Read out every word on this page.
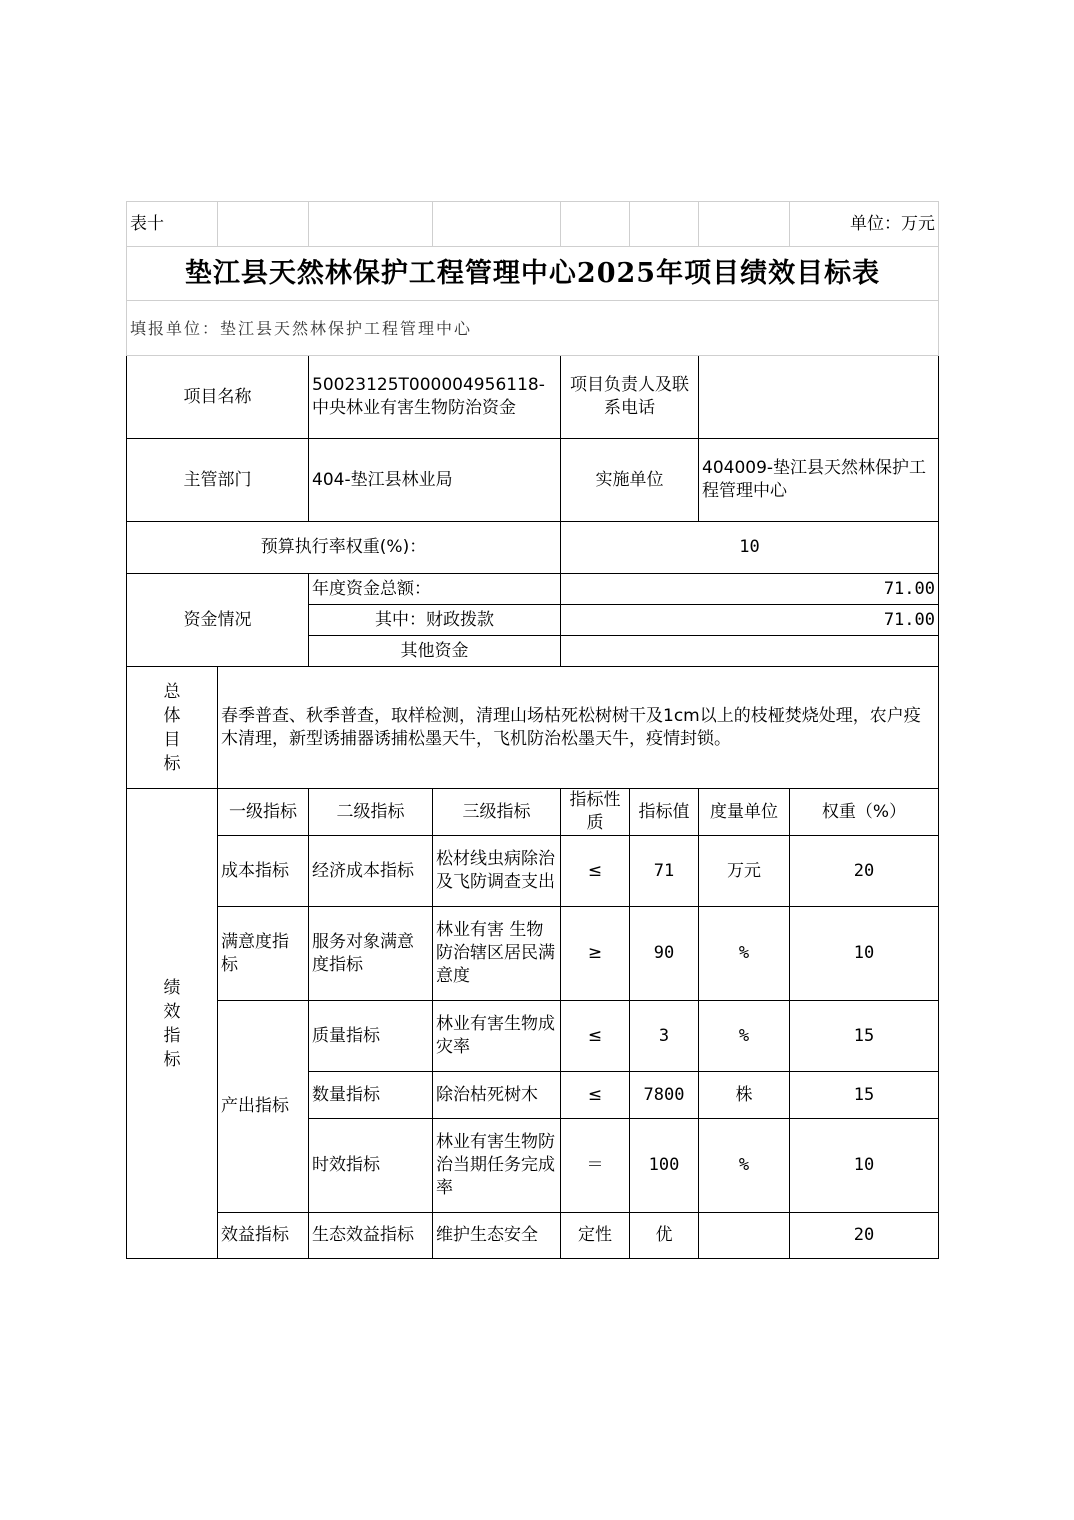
表十							单位：万元
垫江县天然林保护工程管理中心2025年项目绩效目标表							
填报单位：垫江县天然林保护工程管理中心							
项目名称		50023125T000004956118-中央林业有害生物防治资金		项目负责人及联系电话			
主管部门		404-垫江县林业局		实施单位		404009-垫江县天然林保护工程管理中心	
预算执行率权重(%)：				10			
资金情况		年度资金总额：		71.00			
		其中：财政拨款		71.00			
		其他资金					

总体目标	春季普查、秋季普查，取样检测，清理山场枯死松树树干及1cm以上的枝桠焚烧处理，农户疫木清理，新型诱捕器诱捕松墨天牛，飞机防治松墨天牛，疫情封锁。						

绩效指标	一级指标	二级指标	三级指标	指标性质	指标值	度量单位	权重（%）
	成本指标	经济成本指标	松材线虫病除治及飞防调查支出	≤	71	万元	20
	满意度指标	服务对象满意度指标	林业有害 生物防治辖区居民满意度	≥	90	%	10
	产出指标	质量指标	林业有害生物成灾率	≤	3	%	15
		数量指标	除治枯死树木	≤	7800	株	15
		时效指标	林业有害生物防治当期任务完成率	＝	100	%	10
	效益指标	生态效益指标	维护生态安全	定性	优		20
